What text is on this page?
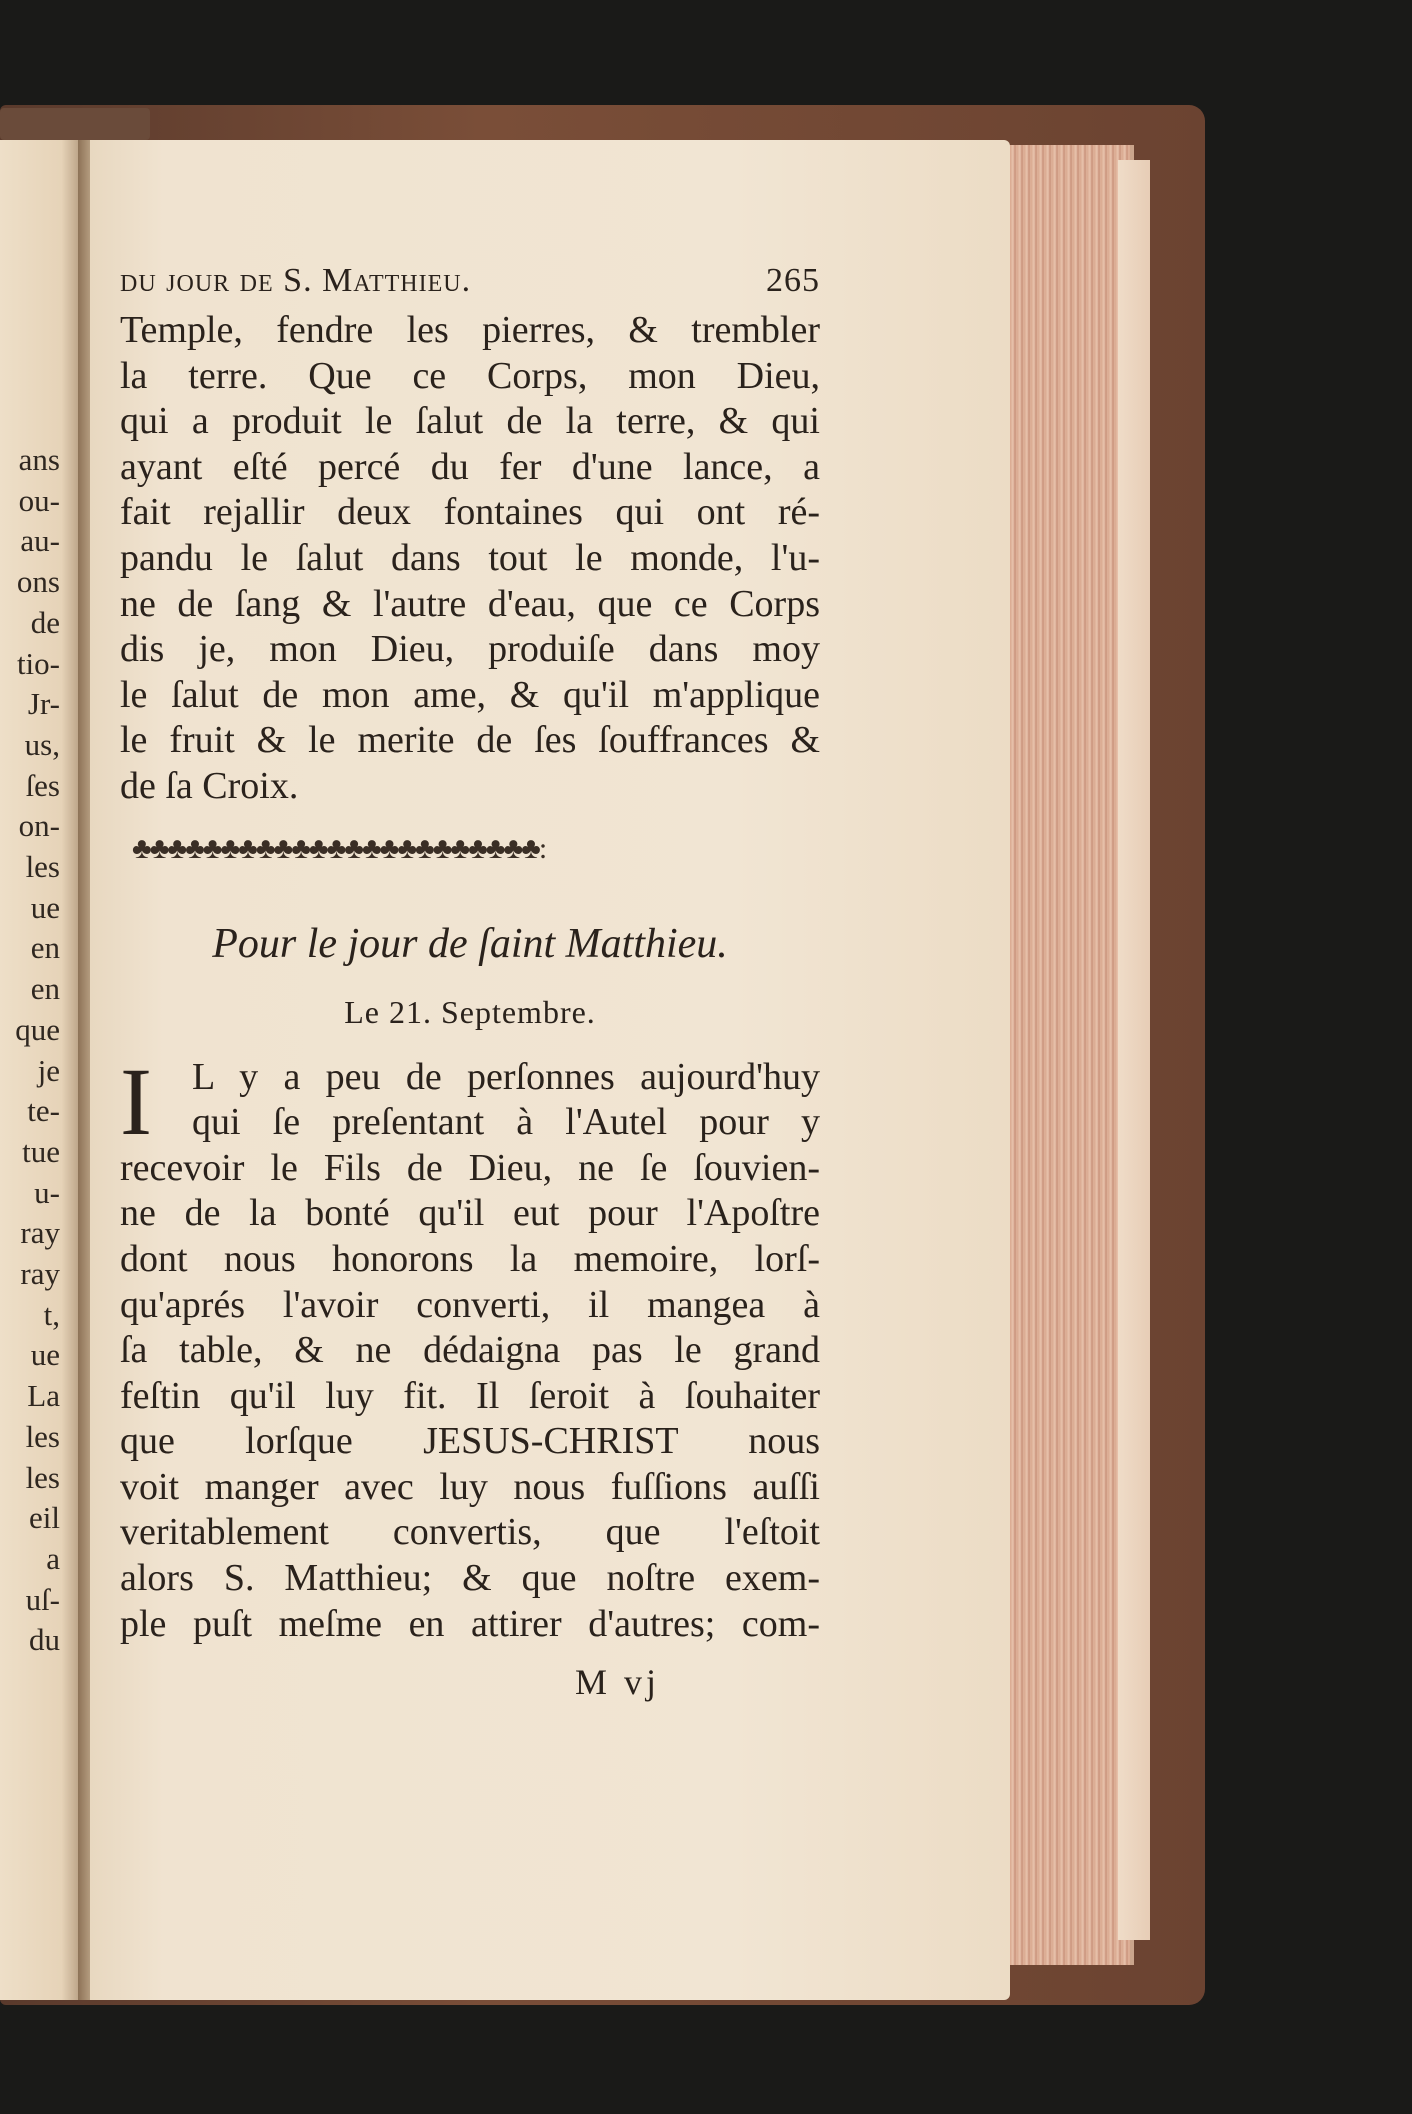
ans
ou-
au-
ons
de
tio-
Jr-
us,
ſes
on-
les
ue
en
en
que
je
te-
tue
u-
ray
ray
t,
ue
La
les
les
eil
a
uſ-
du
du jour de S. Matthieu.	265
Temple, fendre les pierres, & trembler
la terre. Que ce Corps, mon Dieu,
qui a produit le ſalut de la terre, & qui
ayant eſté percé du fer d'une lance, a
fait rejallir deux fontaines qui ont ré-
pandu le ſalut dans tout le monde, l'u-
ne de ſang & l'autre d'eau, que ce Corps
dis je, mon Dieu, produiſe dans moy
le ſalut de mon ame, & qu'il m'applique
le fruit & le merite de ſes ſouffrances &
de ſa Croix.
♣♣♣♣♣♣♣♣♣♣♣♣♣♣♣♣♣♣♣♣♣♣♣:
Pour le jour de ſaint Matthieu.
Le 21. Septembre.
I	L y a peu de perſonnes aujourd'huy
qui ſe preſentant à l'Autel pour y
recevoir le Fils de Dieu, ne ſe ſouvien-
ne de la bonté qu'il eut pour l'Apoſtre
dont nous honorons la memoire, lorſ-
qu'aprés l'avoir converti, il mangea à
ſa table, & ne dédaigna pas le grand
feſtin qu'il luy fit. Il ſeroit à ſouhaiter
que lorſque JESUS-CHRIST nous
voit manger avec luy nous fuſſions auſſi
veritablement convertis, que l'eſtoit
alors S. Matthieu; & que noſtre exem-
ple puſt meſme en attirer d'autres; com-
M vj
